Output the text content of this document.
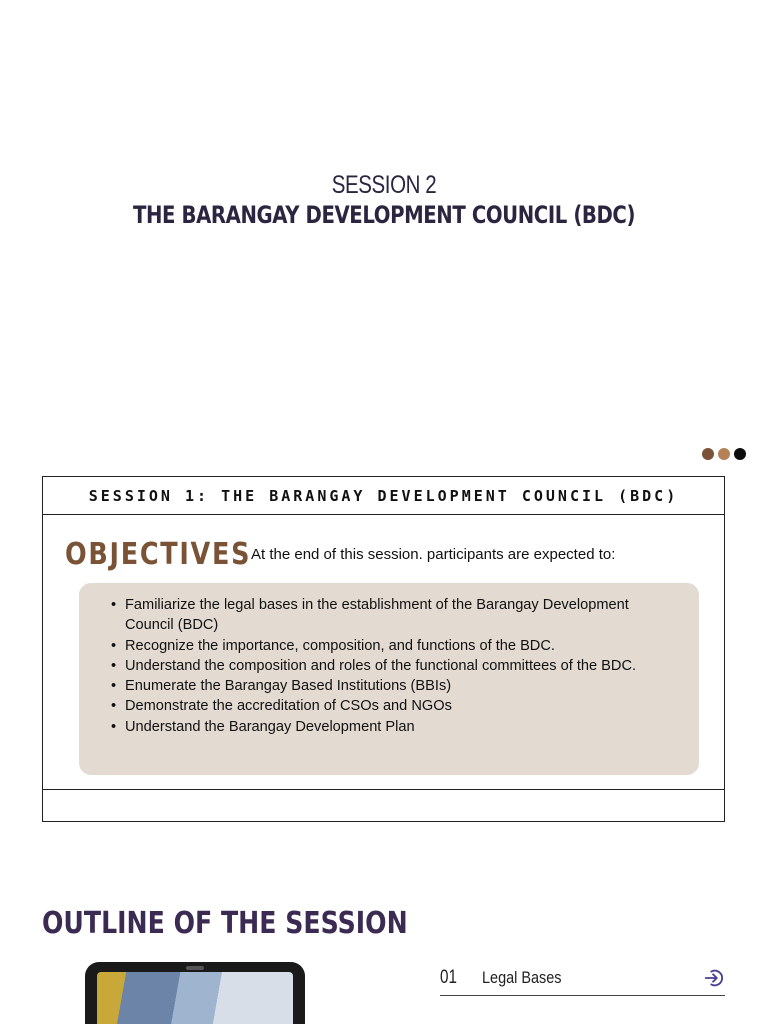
SESSION 2
THE BARANGAY DEVELOPMENT COUNCIL (BDC)
SESSION 1: THE BARANGAY DEVELOPMENT COUNCIL (BDC)
OBJECTIVES At the end of this session. participants are expected to:
• Familiarize the legal bases in the establishment of the Barangay Development Council (BDC)
• Recognize the importance, composition, and functions of the BDC.
• Understand the composition and roles of the functional committees of the BDC.
• Enumerate the Barangay Based Institutions (BBIs)
• Demonstrate the accreditation of CSOs and NGOs
• Understand the Barangay Development Plan
OUTLINE OF THE SESSION
01	Legal Bases
